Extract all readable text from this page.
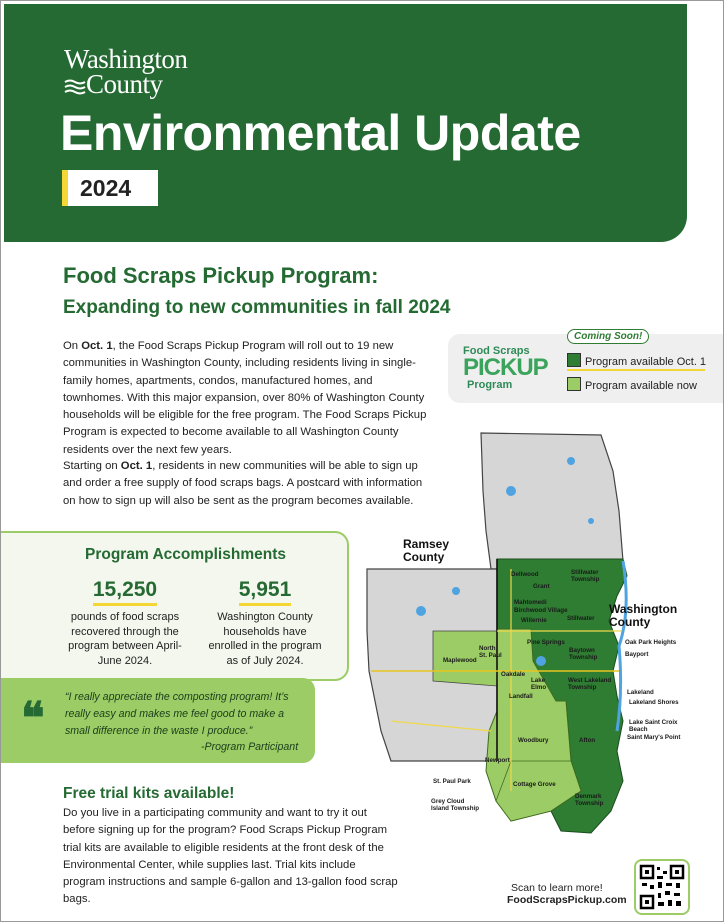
Washington
County
Environmental Update
2024
Food Scraps Pickup Program:
Expanding to new communities in fall 2024

On Oct. 1, the Food Scraps Pickup Program will roll out to 19 new communities in Washington County, including residents living in single-family homes, apartments, condos, manufactured homes, and townhomes. With this major expansion, over 80% of Washington County households will be eligible for the free program. The Food Scraps Pickup Program is expected to become available to all Washington County residents over the next few years.

Starting on Oct. 1, residents in new communities will be able to sign up and order a free supply of food scraps bags. A postcard with information on how to sign up will also be sent as the program becomes available.

Coming Soon!
Food Scraps
PICKUP
Program
Program available Oct. 1
Program available now
Ramsey County
Washington County
Dellwood
Grant
Stillwater Township
Mahtomedi
Birchwood Village
Willernie	Stillwater
Pine Springs
North St. Paul
Maplewood
Baytown Township
Oakdale
Lake Elmo
West Lakeland Township
Landfall
Woodbury	Afton
Newport
Cottage Grove
Denmark Township
St. Paul Park
Grey Cloud Island Township
Oak Park Heights
Bayport
Lakeland
Lakeland Shores
Lake Saint Croix Beach
Saint Mary's Point
Program Accomplishments
15,250
pounds of food scraps recovered through the program between April-June 2024.
5,951
Washington County households have enrolled in the program as of July 2024.
❝ “I really appreciate the composting program! It’s really easy and makes me feel good to make a small difference in the waste I produce.”
-Program Participant
Free trial kits available!

Do you live in a participating community and want to try it out before signing up for the program? Food Scraps Pickup Program trial kits are available to eligible residents at the front desk of the Environmental Center, while supplies last. Trial kits include program instructions and sample 6-gallon and 13-gallon food scrap bags.

Scan to learn more!
FoodScrapsPickup.com
